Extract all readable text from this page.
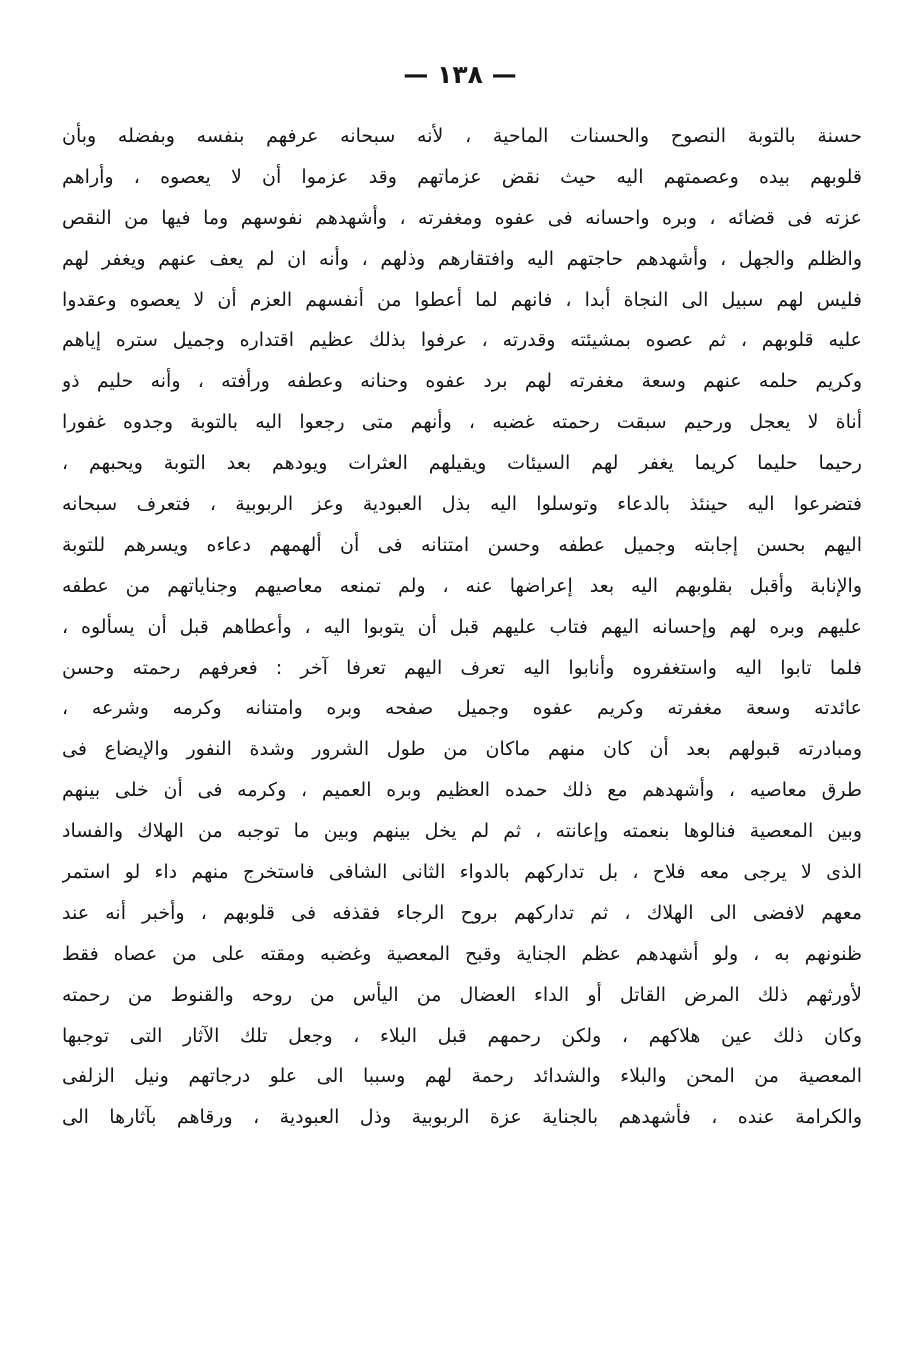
— ١٣٨ —
حسنة بالتوبة النصوح والحسنات الماحية ، لأنه سبحانه عرفهم بنفسه وبفضله وبأن
قلوبهم بيده وعصمتهم اليه حيث نقض عزماتهم وقد عزموا أن لا يعصوه ، وأراهم
عزته فى قضائه ، وبره واحسانه فى عفوه ومغفرته ، وأشهدهم نفوسهم وما فيها من النقص
والظلم والجهل ، وأشهدهم حاجتهم اليه وافتقارهم وذلهم ، وأنه ان لم يعف عنهم ويغفر لهم
فليس لهم سبيل الى النجاة أبدا ، فانهم لما أعطوا من أنفسهم العزم أن لا يعصوه وعقدوا
عليه قلوبهم ، ثم عصوه بمشيئته وقدرته ، عرفوا بذلك عظيم اقتداره وجميل ستره إياهم
وكريم حلمه عنهم وسعة مغفرته لهم برد عفوه وحنانه وعطفه ورأفته ، وأنه حليم ذو
أناة لا يعجل ورحيم سبقت رحمته غضبه ، وأنهم متى رجعوا اليه بالتوبة وجدوه غفورا
رحيما حليما كريما يغفر لهم السيئات ويقيلهم العثرات ويودهم بعد التوبة ويحبهم ،
فتضرعوا اليه حينئذ بالدعاء وتوسلوا اليه بذل العبودية وعز الربوبية ، فتعرف سبحانه
اليهم بحسن إجابته وجميل عطفه وحسن امتنانه فى أن ألهمهم دعاءه ويسرهم للتوبة
والإنابة وأقبل بقلوبهم اليه بعد إعراضها عنه ، ولم تمنعه معاصيهم وجناياتهم من عطفه
عليهم وبره لهم وإحسانه اليهم فتاب عليهم قبل أن يتوبوا اليه ، وأعطاهم قبل أن يسألوه ،
فلما تابوا اليه واستغفروه وأنابوا اليه تعرف اليهم تعرفا آخر : فعرفهم رحمته وحسن
عائدته وسعة مغفرته وكريم عفوه وجميل صفحه وبره وامتنانه وكرمه وشرعه ،
ومبادرته قبولهم بعد أن كان منهم ماكان من طول الشرور وشدة النفور والإيضاع فى
طرق معاصيه ، وأشهدهم مع ذلك حمده العظيم وبره العميم ، وكرمه فى أن خلى بينهم
وبين المعصية فنالوها بنعمته وإعانته ، ثم لم يخل بينهم وبين ما توجبه من الهلاك والفساد
الذى لا يرجى معه فلاح ، بل تداركهم بالدواء الثانى الشافى فاستخرج منهم داء لو استمر
معهم لافضى الى الهلاك ، ثم تداركهم بروح الرجاء فقذفه فى قلوبهم ، وأخبر أنه عند
ظنونهم به ، ولو أشهدهم عظم الجناية وقبح المعصية وغضبه ومقته على من عصاه فقط
لأورثهم ذلك المرض القاتل أو الداء العضال من اليأس من روحه والقنوط من رحمته
وكان ذلك عين هلاكهم ، ولكن رحمهم قبل البلاء ، وجعل تلك الآثار التى توجبها
المعصية من المحن والبلاء والشدائد رحمة لهم وسببا الى علو درجاتهم ونيل الزلفى
والكرامة عنده ، فأشهدهم بالجناية عزة الربوبية وذل العبودية ، ورقاهم بآثارها الى
